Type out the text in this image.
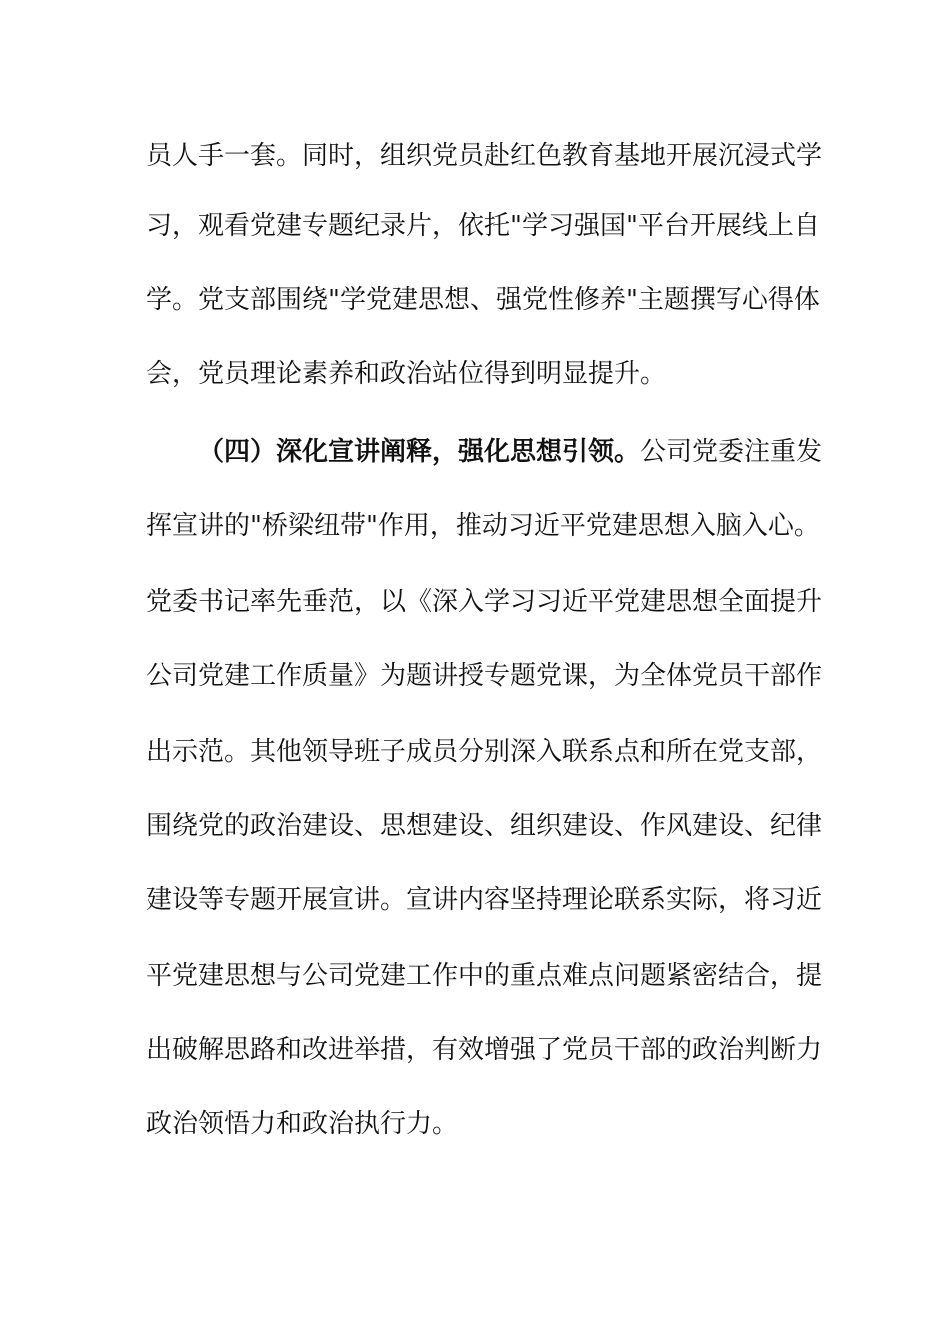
员人手一套。同时，组织党员赴红色教育基地开展沉浸式学
习，观看党建专题纪录片，依托"学习强国"平台开展线上自
学。党支部围绕"学党建思想、强党性修养"主题撰写心得体
会，党员理论素养和政治站位得到明显提升。
（四）深化宣讲阐释，强化思想引领。公司党委注重发
挥宣讲的"桥梁纽带"作用，推动习近平党建思想入脑入心。
党委书记率先垂范，以《深入学习习近平党建思想全面提升
公司党建工作质量》为题讲授专题党课，为全体党员干部作
出示范。其他领导班子成员分别深入联系点和所在党支部，
围绕党的政治建设、思想建设、组织建设、作风建设、纪律
建设等专题开展宣讲。宣讲内容坚持理论联系实际，将习近
平党建思想与公司党建工作中的重点难点问题紧密结合，提
出破解思路和改进举措，有效增强了党员干部的政治判断力
政治领悟力和政治执行力。
